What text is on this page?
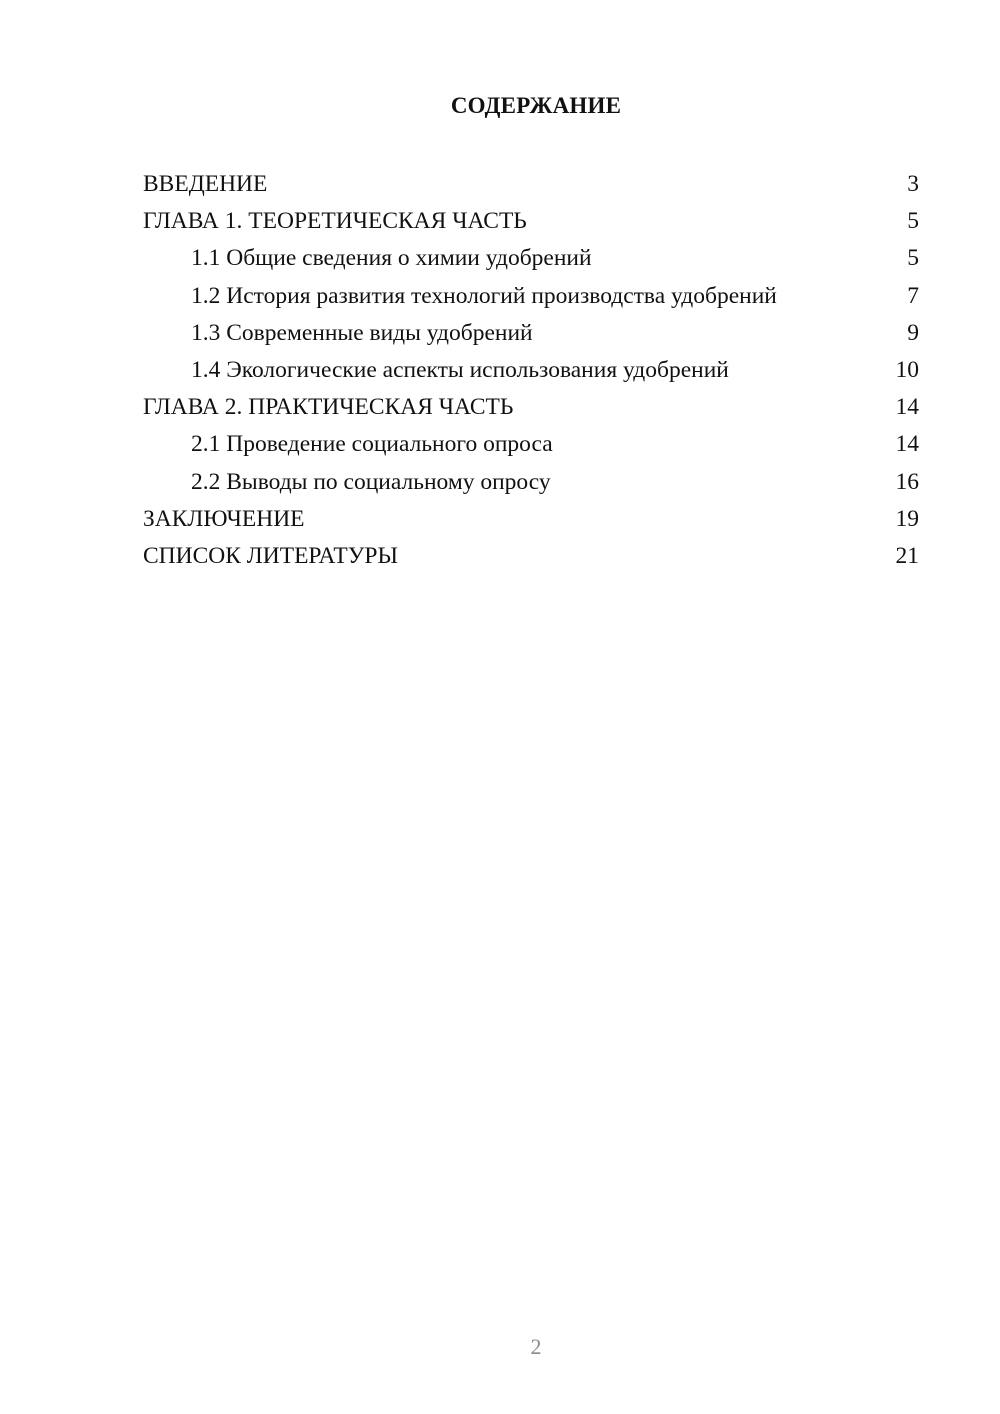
СОДЕРЖАНИЕ
ВВЕДЕНИЕ	3
ГЛАВА 1. ТЕОРЕТИЧЕСКАЯ ЧАСТЬ	5
1.1 Общие сведения о химии удобрений	5
1.2 История развития технологий производства удобрений	7
1.3 Современные виды удобрений	9
1.4 Экологические аспекты использования удобрений	10
ГЛАВА 2. ПРАКТИЧЕСКАЯ ЧАСТЬ	14
2.1 Проведение социального опроса	14
2.2 Выводы по социальному опросу	16
ЗАКЛЮЧЕНИЕ	19
СПИСОК ЛИТЕРАТУРЫ	21
2
